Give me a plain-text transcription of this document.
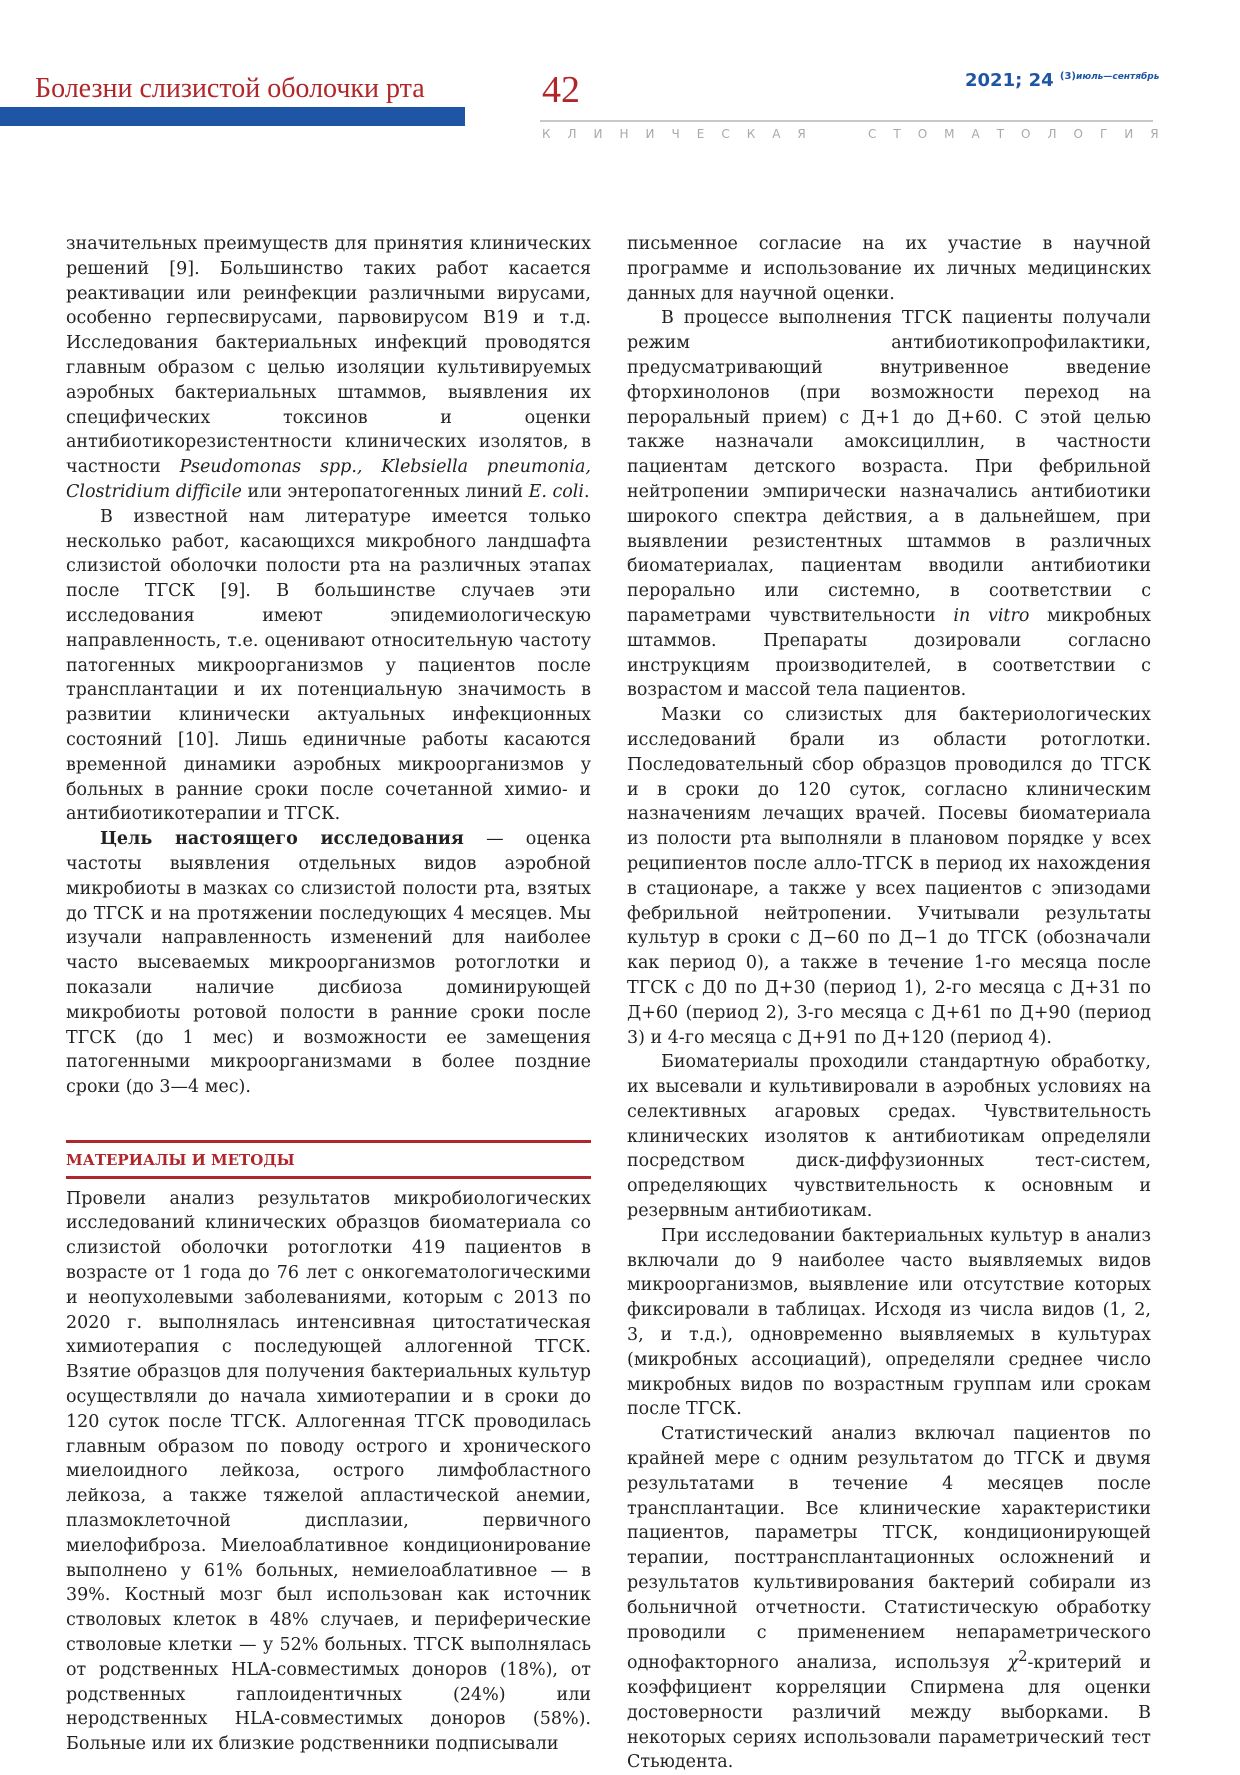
Болезни слизистой оболочки рта	42	2021; 24 $^{(3)июль—сентябрь}$
КЛИНИЧЕСКАЯ	СТОМАТОЛОГИЯ

значительных преимуществ для принятия клинических решений [9]. Большинство таких работ касается реактивации или реинфекции различными вирусами, особенно герпесвирусами, парвовирусом B19 и т.д. Исследования бактериальных инфекций проводятся главным образом с целью изоляции культивируемых аэробных бактериальных штаммов, выявления их специфических токсинов и оценки антибиотикорезистентности клинических изолятов, в частности Pseudomonas spp., Klebsiella pneumonia, Clostridium difficile или энтеропатогенных линий E. coli.

В известной нам литературе имеется только несколько работ, касающихся микробного ландшафта слизистой оболочки полости рта на различных этапах после ТГСК [9]. В большинстве случаев эти исследования имеют эпидемиологическую направленность, т.е. оценивают относительную частоту патогенных микроорганизмов у пациентов после трансплантации и их потенциальную значимость в развитии клинически актуальных инфекционных состояний [10]. Лишь единичные работы касаются временной динамики аэробных микроорганизмов у больных в ранние сроки после сочетанной химио- и антибиотикотерапии и ТГСК.

Цель настоящего исследования — оценка частоты выявления отдельных видов аэробной микробиоты в мазках со слизистой полости рта, взятых до ТГСК и на протяжении последующих 4 месяцев. Мы изучали направленность изменений для наиболее часто высеваемых микроорганизмов ротоглотки и показали наличие дисбиоза доминирующей микробиоты ротовой полости в ранние сроки после ТГСК (до 1 мес) и возможности ее замещения патогенными микроорганизмами в более поздние сроки (до 3—4 мес).

МАТЕРИАЛЫ И МЕТОДЫ

Провели анализ результатов микробиологических исследований клинических образцов биоматериала со слизистой оболочки ротоглотки 419 пациентов в возрасте от 1 года до 76 лет с онкогематологическими и неопухолевыми заболеваниями, которым с 2013 по 2020 г. выполнялась интенсивная цитостатическая химиотерапия с последующей аллогенной ТГСК. Взятие образцов для получения бактериальных культур осуществляли до начала химиотерапии и в сроки до 120 суток после ТГСК. Аллогенная ТГСК проводилась главным образом по поводу острого и хронического миелоидного лейкоза, острого лимфобластного лейкоза, а также тяжелой апластической анемии, плазмоклеточной дисплазии, первичного миелофиброза. Миелоаблативное кондиционирование выполнено у 61% больных, немиелоаблативное — в 39%. Костный мозг был использован как источник стволовых клеток в 48% случаев, и периферические стволовые клетки — у 52% больных. ТГСК выполнялась от родственных HLA-совместимых доноров (18%), от родственных гаплоидентичных (24%) или неродственных HLA-совместимых доноров (58%). Больные или их близкие родственники подписывали

письменное согласие на их участие в научной программе и использование их личных медицинских данных для научной оценки.

В процессе выполнения ТГСК пациенты получали режим антибиотикопрофилактики, предусматривающий внутривенное введение фторхинолонов (при возможности переход на пероральный прием) с Д+1 до Д+60. С этой целью также назначали амоксициллин, в частности пациентам детского возраста. При фебрильной нейтропении эмпирически назначались антибиотики широкого спектра действия, а в дальнейшем, при выявлении резистентных штаммов в различных биоматериалах, пациентам вводили антибиотики перорально или системно, в соответствии с параметрами чувствительности in vitro микробных штаммов. Препараты дозировали согласно инструкциям производителей, в соответствии с возрастом и массой тела пациентов.

Мазки со слизистых для бактериологических исследований брали из области ротоглотки. Последовательный сбор образцов проводился до ТГСК и в сроки до 120 суток, согласно клиническим назначениям лечащих врачей. Посевы биоматериала из полости рта выполняли в плановом порядке у всех реципиентов после алло-ТГСК в период их нахождения в стационаре, а также у всех пациентов с эпизодами фебрильной нейтропении. Учитывали результаты культур в сроки с Д−60 по Д−1 до ТГСК (обозначали как период 0), а также в течение 1-го месяца после ТГСК с Д0 по Д+30 (период 1), 2-го месяца с Д+31 по Д+60 (период 2), 3-го месяца с Д+61 по Д+90 (период 3) и 4-го месяца с Д+91 по Д+120 (период 4).

Биоматериалы проходили стандартную обработку, их высевали и культивировали в аэробных условиях на селективных агаровых средах. Чувствительность клинических изолятов к антибиотикам определяли посредством диск-диффузионных тест-систем, определяющих чувствительность к основным и резервным антибиотикам.

При исследовании бактериальных культур в анализ включали до 9 наиболее часто выявляемых видов микроорганизмов, выявление или отсутствие которых фиксировали в таблицах. Исходя из числа видов (1, 2, 3, и т.д.), одновременно выявляемых в культурах (микробных ассоциаций), определяли среднее число микробных видов по возрастным группам или срокам после ТГСК.

Статистический анализ включал пациентов по крайней мере с одним результатом до ТГСК и двумя результатами в течение 4 месяцев после трансплантации. Все клинические характеристики пациентов, параметры ТГСК, кондиционирующей терапии, посттрансплантационных осложнений и результатов культивирования бактерий собирали из больничной отчетности. Статистическую обработку проводили с применением непараметрического однофакторного анализа, используя $\chi^2$-критерий и коэффициент корреляции Спирмена для оценки достоверности различий между выборками. В некоторых сериях использовали параметрический тест Стьюдента.
